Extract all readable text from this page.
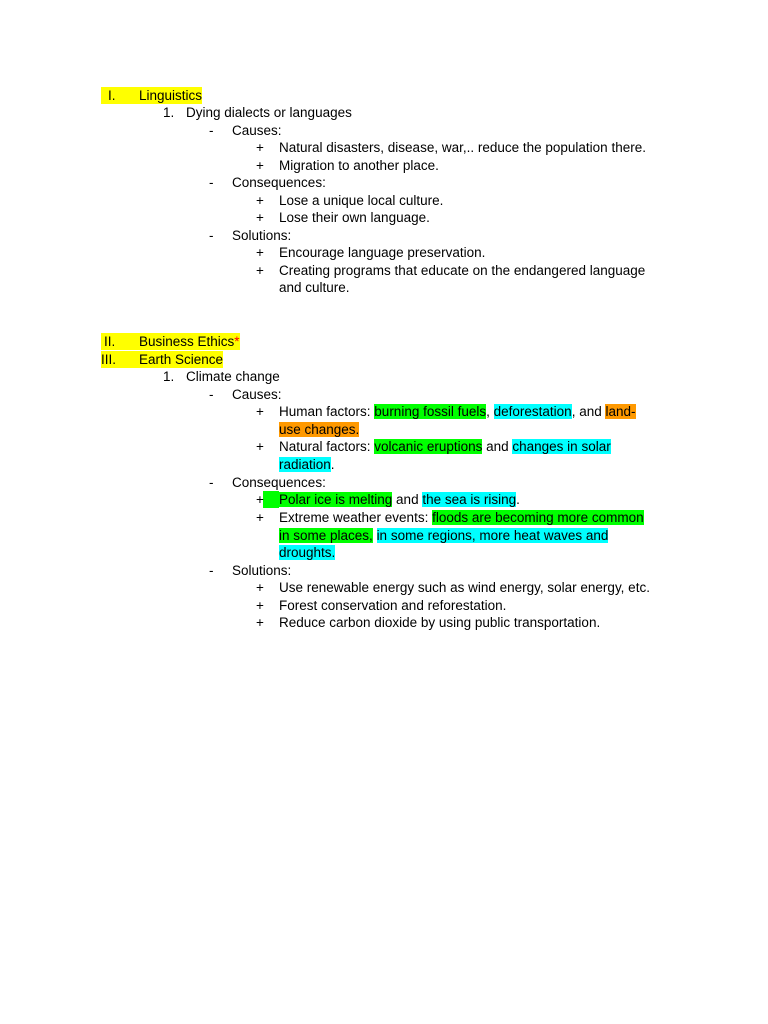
I.	Linguistics
1. Dying dialects or languages
- Causes:
+ Natural disasters, disease, war,.. reduce the population there.
+ Migration to another place.
- Consequences:
+ Lose a unique local culture.
+ Lose their own language.
- Solutions:
+ Encourage language preservation.
+ Creating programs that educate on the endangered language
and culture.
II.	Business Ethics*
III.	Earth Science
1. Climate change
- Causes:
+ Human factors: burning fossil fuels, deforestation, and land-
use changes.
+ Natural factors: volcanic eruptions and changes in solar
radiation.
- Consequences:
+ Polar ice is melting and the sea is rising.
+ Extreme weather events: floods are becoming more common
in some places, in some regions, more heat waves and
droughts.
- Solutions:
+ Use renewable energy such as wind energy, solar energy, etc.
+ Forest conservation and reforestation.
+ Reduce carbon dioxide by using public transportation.
